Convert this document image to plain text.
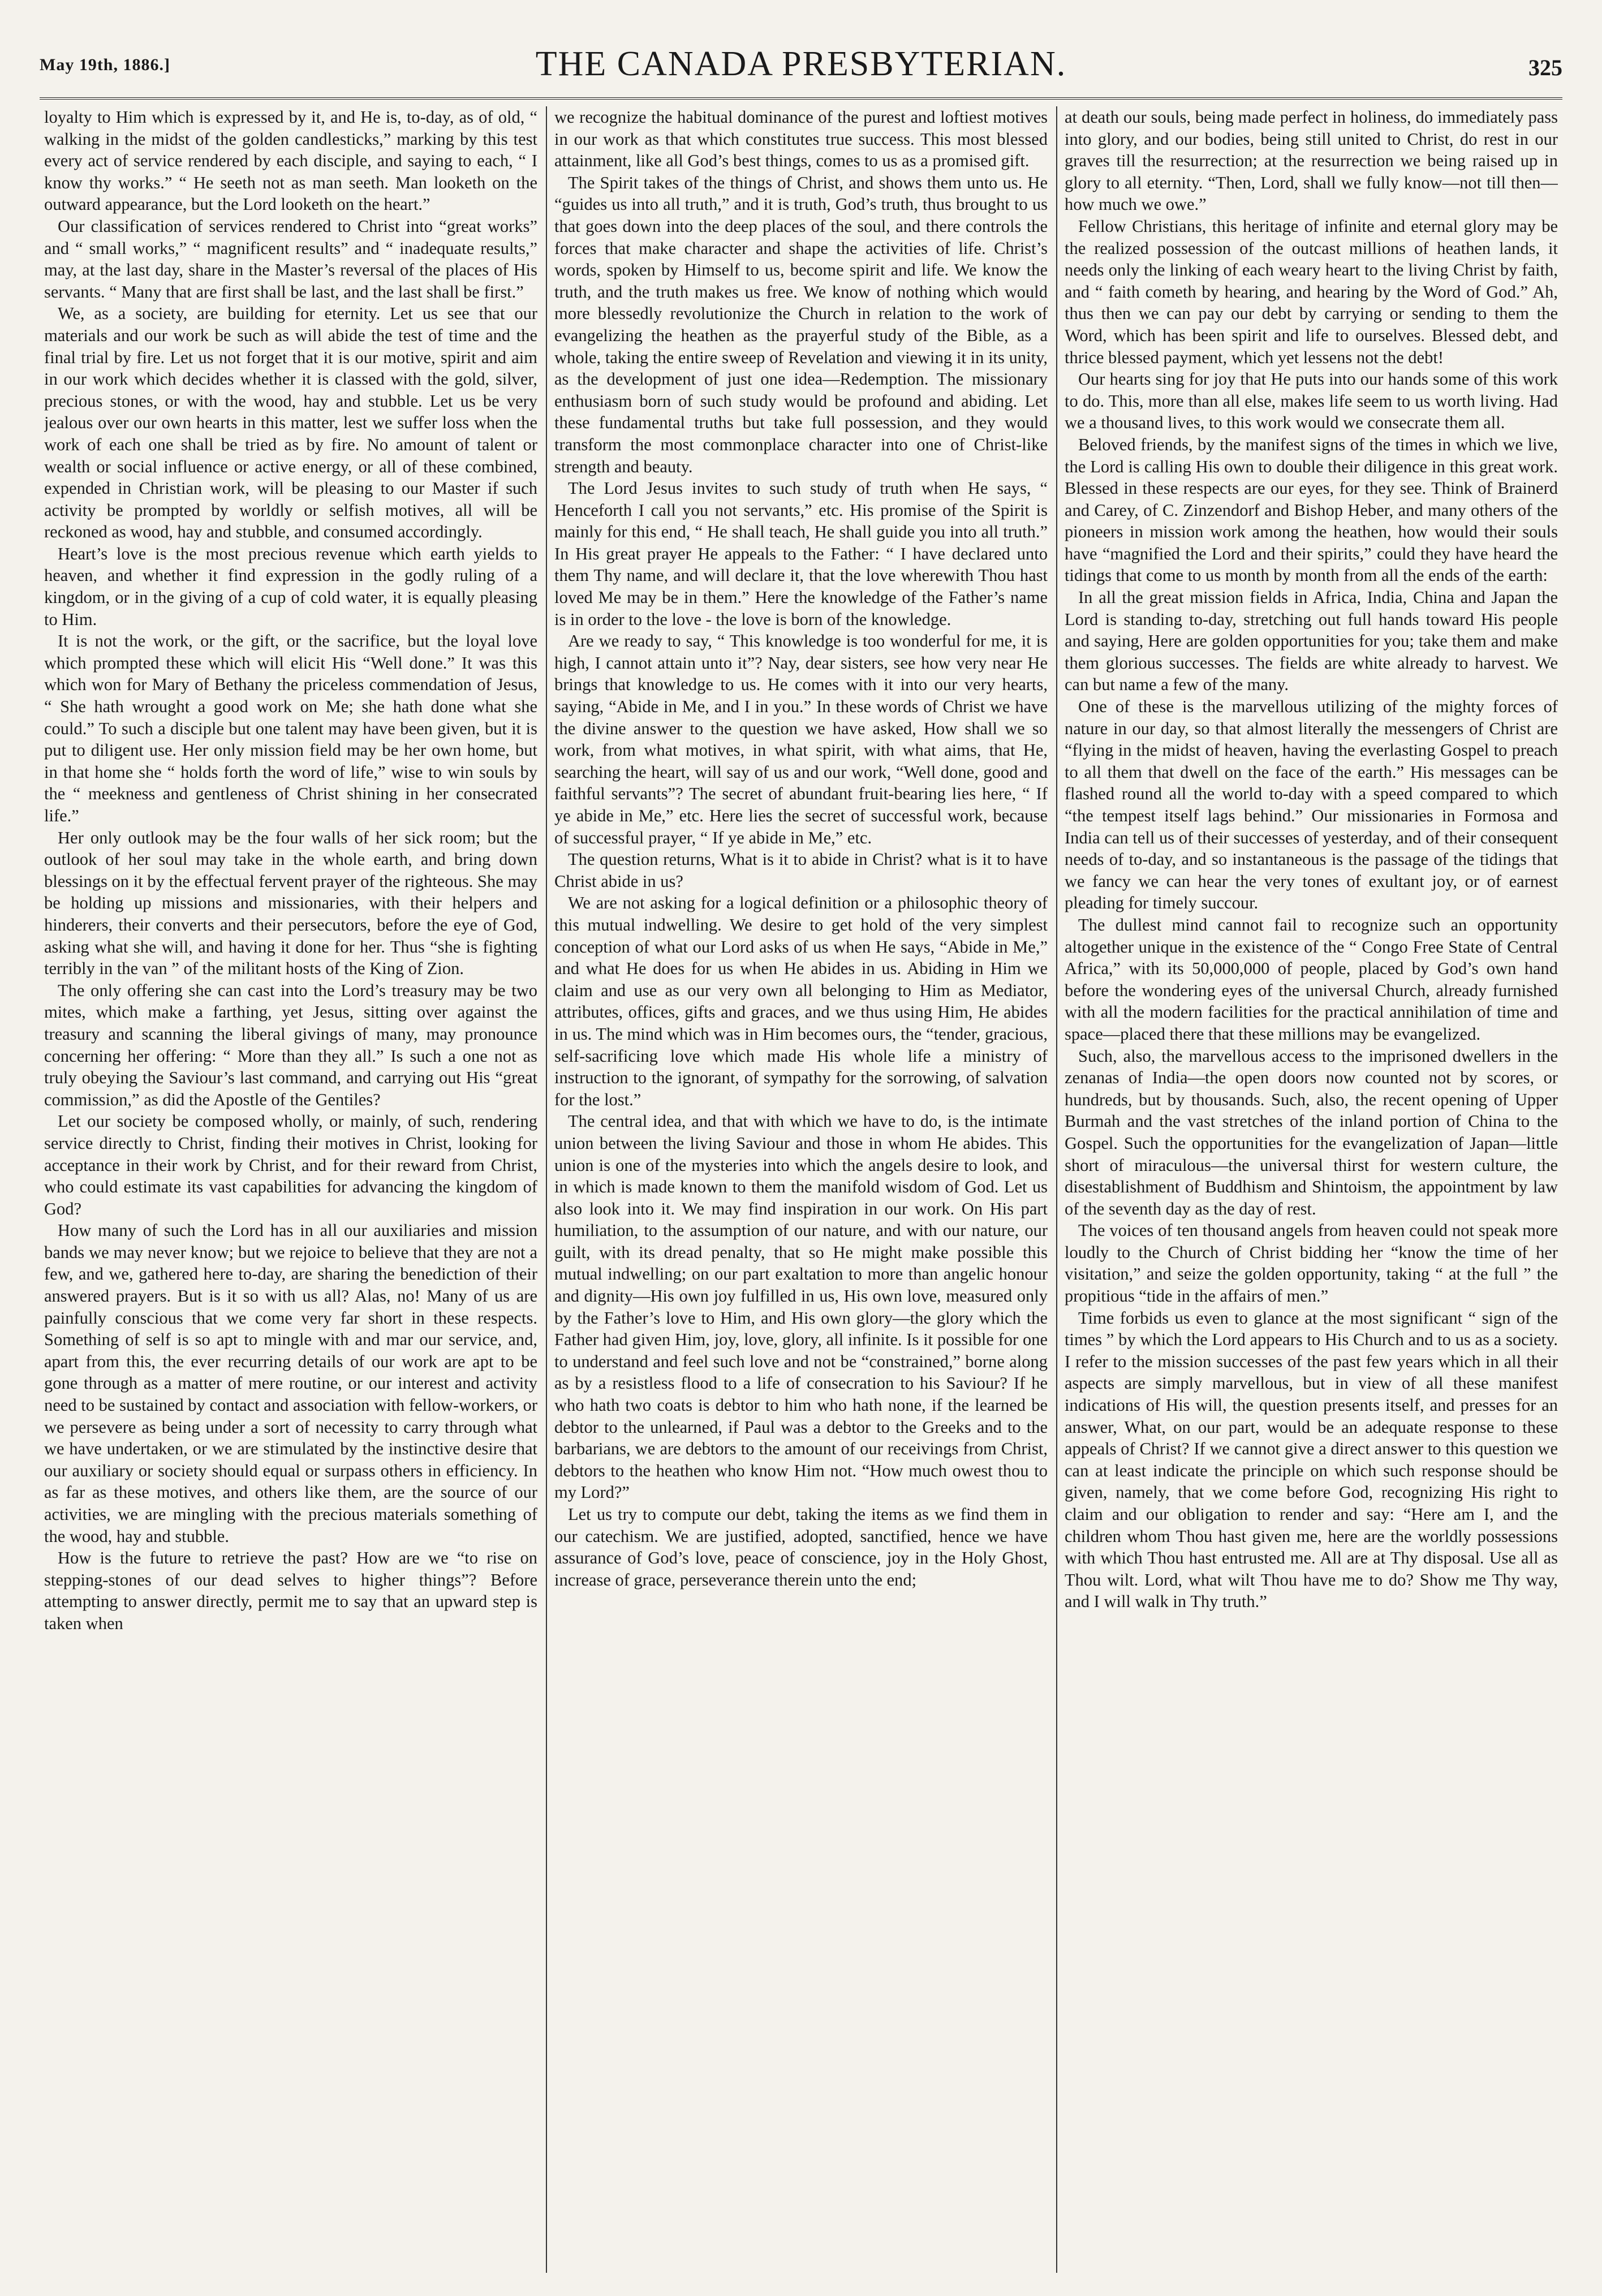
May 19th, 1886.]	THE CANADA PRESBYTERIAN.	325

loyalty to Him which is expressed by it, and He is, to-day, as of old, “ walking in the midst of the golden candlesticks,” marking by this test every act of service rendered by each disciple, and saying to each, “ I know thy works.” “ He seeth not as man seeth. Man looketh on the outward appearance, but the Lord looketh on the heart.”

Our classification of services rendered to Christ into “great works” and “ small works,” “ magnificent results” and “ inadequate results,” may, at the last day, share in the Master’s reversal of the places of His servants. “ Many that are first shall be last, and the last shall be first.”

We, as a society, are building for eternity. Let us see that our materials and our work be such as will abide the test of time and the final trial by fire. Let us not forget that it is our motive, spirit and aim in our work which decides whether it is classed with the gold, silver, precious stones, or with the wood, hay and stubble. Let us be very jealous over our own hearts in this matter, lest we suffer loss when the work of each one shall be tried as by fire. No amount of talent or wealth or social influence or active energy, or all of these combined, expended in Christian work, will be pleasing to our Master if such activity be prompted by worldly or selfish motives, all will be reckoned as wood, hay and stubble, and consumed accordingly.

Heart’s love is the most precious revenue which earth yields to heaven, and whether it find expression in the godly ruling of a kingdom, or in the giving of a cup of cold water, it is equally pleasing to Him.

It is not the work, or the gift, or the sacrifice, but the loyal love which prompted these which will elicit His “Well done.” It was this which won for Mary of Bethany the priceless commendation of Jesus, “ She hath wrought a good work on Me; she hath done what she could.” To such a disciple but one talent may have been given, but it is put to diligent use. Her only mission field may be her own home, but in that home she “ holds forth the word of life,” wise to win souls by the “ meekness and gentleness of Christ shining in her consecrated life.”

Her only outlook may be the four walls of her sick room; but the outlook of her soul may take in the whole earth, and bring down blessings on it by the effectual fervent prayer of the righteous. She may be holding up missions and missionaries, with their helpers and hinderers, their converts and their persecutors, before the eye of God, asking what she will, and having it done for her. Thus “she is fighting terribly in the van ” of the militant hosts of the King of Zion.

The only offering she can cast into the Lord’s treasury may be two mites, which make a farthing, yet Jesus, sitting over against the treasury and scanning the liberal givings of many, may pronounce concerning her offering: “ More than they all.” Is such a one not as truly obeying the Saviour’s last command, and carrying out His “great commission,” as did the Apostle of the Gentiles?

Let our society be composed wholly, or mainly, of such, rendering service directly to Christ, finding their motives in Christ, looking for acceptance in their work by Christ, and for their reward from Christ, who could estimate its vast capabilities for advancing the kingdom of God?

How many of such the Lord has in all our auxiliaries and mission bands we may never know; but we rejoice to believe that they are not a few, and we, gathered here to-day, are sharing the benediction of their answered prayers. But is it so with us all? Alas, no! Many of us are painfully conscious that we come very far short in these respects. Something of self is so apt to mingle with and mar our service, and, apart from this, the ever recurring details of our work are apt to be gone through as a matter of mere routine, or our interest and activity need to be sustained by contact and association with fellow-workers, or we persevere as being under a sort of necessity to carry through what we have undertaken, or we are stimulated by the instinctive desire that our auxiliary or society should equal or surpass others in efficiency. In as far as these motives, and others like them, are the source of our activities, we are mingling with the precious materials something of the wood, hay and stubble.

How is the future to retrieve the past? How are we “to rise on stepping-stones of our dead selves to higher things”? Before attempting to answer directly, permit me to say that an upward step is taken when

we recognize the habitual dominance of the purest and loftiest motives in our work as that which constitutes true success. This most blessed attainment, like all God’s best things, comes to us as a promised gift.

The Spirit takes of the things of Christ, and shows them unto us. He “guides us into all truth,” and it is truth, God’s truth, thus brought to us that goes down into the deep places of the soul, and there controls the forces that make character and shape the activities of life. Christ’s words, spoken by Himself to us, become spirit and life. We know the truth, and the truth makes us free. We know of nothing which would more blessedly revolutionize the Church in relation to the work of evangelizing the heathen as the prayerful study of the Bible, as a whole, taking the entire sweep of Revelation and viewing it in its unity, as the development of just one idea—Redemption. The missionary enthusiasm born of such study would be profound and abiding. Let these fundamental truths but take full possession, and they would transform the most commonplace character into one of Christ-like strength and beauty.

The Lord Jesus invites to such study of truth when He says, “ Henceforth I call you not servants,” etc. His promise of the Spirit is mainly for this end, “ He shall teach, He shall guide you into all truth.” In His great prayer He appeals to the Father: “ I have declared unto them Thy name, and will declare it, that the love wherewith Thou hast loved Me may be in them.” Here the knowledge of the Father’s name is in order to the love - the love is born of the knowledge.

Are we ready to say, “ This knowledge is too wonderful for me, it is high, I cannot attain unto it”? Nay, dear sisters, see how very near He brings that knowledge to us. He comes with it into our very hearts, saying, “Abide in Me, and I in you.” In these words of Christ we have the divine answer to the question we have asked, How shall we so work, from what motives, in what spirit, with what aims, that He, searching the heart, will say of us and our work, “Well done, good and faithful servants”? The secret of abundant fruit-bearing lies here, “ If ye abide in Me,” etc. Here lies the secret of successful work, because of successful prayer, “ If ye abide in Me,” etc.

The question returns, What is it to abide in Christ? what is it to have Christ abide in us?

We are not asking for a logical definition or a philosophic theory of this mutual indwelling. We desire to get hold of the very simplest conception of what our Lord asks of us when He says, “Abide in Me,” and what He does for us when He abides in us. Abiding in Him we claim and use as our very own all belonging to Him as Mediator, attributes, offices, gifts and graces, and we thus using Him, He abides in us. The mind which was in Him becomes ours, the “tender, gracious, self-sacrificing love which made His whole life a ministry of instruction to the ignorant, of sympathy for the sorrowing, of salvation for the lost.”

The central idea, and that with which we have to do, is the intimate union between the living Saviour and those in whom He abides. This union is one of the mysteries into which the angels desire to look, and in which is made known to them the manifold wisdom of God. Let us also look into it. We may find inspiration in our work. On His part humiliation, to the assumption of our nature, and with our nature, our guilt, with its dread penalty, that so He might make possible this mutual indwelling; on our part exaltation to more than angelic honour and dignity—His own joy fulfilled in us, His own love, measured only by the Father’s love to Him, and His own glory—the glory which the Father had given Him, joy, love, glory, all infinite. Is it possible for one to understand and feel such love and not be “constrained,” borne along as by a resistless flood to a life of consecration to his Saviour? If he who hath two coats is debtor to him who hath none, if the learned be debtor to the unlearned, if Paul was a debtor to the Greeks and to the barbarians, we are debtors to the amount of our receivings from Christ, debtors to the heathen who know Him not. “How much owest thou to my Lord?”

Let us try to compute our debt, taking the items as we find them in our catechism. We are justified, adopted, sanctified, hence we have assurance of God’s love, peace of conscience, joy in the Holy Ghost, increase of grace, perseverance therein unto the end;

at death our souls, being made perfect in holiness, do immediately pass into glory, and our bodies, being still united to Christ, do rest in our graves till the resurrection; at the resurrection we being raised up in glory to all eternity. “Then, Lord, shall we fully know—not till then—how much we owe.”

Fellow Christians, this heritage of infinite and eternal glory may be the realized possession of the outcast millions of heathen lands, it needs only the linking of each weary heart to the living Christ by faith, and “ faith cometh by hearing, and hearing by the Word of God.” Ah, thus then we can pay our debt by carrying or sending to them the Word, which has been spirit and life to ourselves. Blessed debt, and thrice blessed payment, which yet lessens not the debt!

Our hearts sing for joy that He puts into our hands some of this work to do. This, more than all else, makes life seem to us worth living. Had we a thousand lives, to this work would we consecrate them all.

Beloved friends, by the manifest signs of the times in which we live, the Lord is calling His own to double their diligence in this great work. Blessed in these respects are our eyes, for they see. Think of Brainerd and Carey, of C. Zinzendorf and Bishop Heber, and many others of the pioneers in mission work among the heathen, how would their souls have “magnified the Lord and their spirits,” could they have heard the tidings that come to us month by month from all the ends of the earth:

In all the great mission fields in Africa, India, China and Japan the Lord is standing to-day, stretching out full hands toward His people and saying, Here are golden opportunities for you; take them and make them glorious successes. The fields are white already to harvest. We can but name a few of the many.

One of these is the marvellous utilizing of the mighty forces of nature in our day, so that almost literally the messengers of Christ are “flying in the midst of heaven, having the everlasting Gospel to preach to all them that dwell on the face of the earth.” His messages can be flashed round all the world to-day with a speed compared to which “the tempest itself lags behind.” Our missionaries in Formosa and India can tell us of their successes of yesterday, and of their consequent needs of to-day, and so instantaneous is the passage of the tidings that we fancy we can hear the very tones of exultant joy, or of earnest pleading for timely succour.

The dullest mind cannot fail to recognize such an opportunity altogether unique in the existence of the “ Congo Free State of Central Africa,” with its 50,000,000 of people, placed by God’s own hand before the wondering eyes of the universal Church, already furnished with all the modern facilities for the practical annihilation of time and space—placed there that these millions may be evangelized.

Such, also, the marvellous access to the imprisoned dwellers in the zenanas of India—the open doors now counted not by scores, or hundreds, but by thousands. Such, also, the recent opening of Upper Burmah and the vast stretches of the inland portion of China to the Gospel. Such the opportunities for the evangelization of Japan—little short of miraculous—the universal thirst for western culture, the disestablishment of Buddhism and Shintoism, the appointment by law of the seventh day as the day of rest.

The voices of ten thousand angels from heaven could not speak more loudly to the Church of Christ bidding her “know the time of her visitation,” and seize the golden opportunity, taking “ at the full ” the propitious “tide in the affairs of men.”

Time forbids us even to glance at the most significant “ sign of the times ” by which the Lord appears to His Church and to us as a society. I refer to the mission successes of the past few years which in all their aspects are simply marvellous, but in view of all these manifest indications of His will, the question presents itself, and presses for an answer, What, on our part, would be an adequate response to these appeals of Christ? If we cannot give a direct answer to this question we can at least indicate the principle on which such response should be given, namely, that we come before God, recognizing His right to claim and our obligation to render and say: “Here am I, and the children whom Thou hast given me, here are the worldly possessions with which Thou hast entrusted me. All are at Thy disposal. Use all as Thou wilt. Lord, what wilt Thou have me to do? Show me Thy way, and I will walk in Thy truth.”
